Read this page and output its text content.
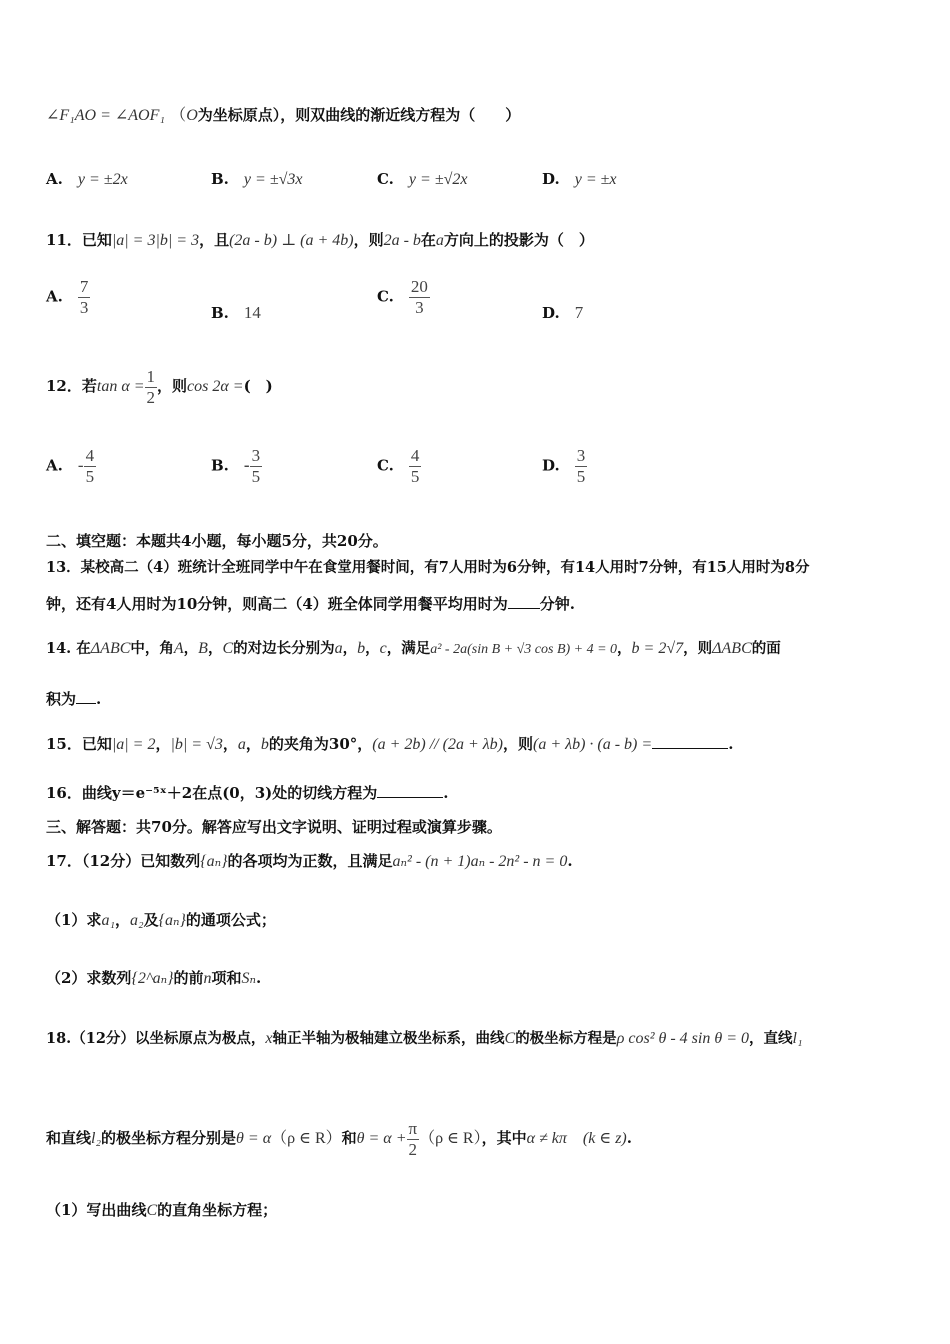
∠F₁AO = ∠AOF₁ （O为坐标原点），则双曲线的渐近线方程为（　　）
A.　 y = ±2x	B.　 y = ±√3x	C.　 y = ±√2x	D.　 y = ±x
11．已知|a| = 3|b| = 3，且(2a - b) ⊥ (a + 4b)，则2a - b在a方向上的投影为（　）
A.　 $\frac{7}{3}$	B.　 14
C.　 $\frac{20}{3}$	D.　 7
12．若$\tan \alpha = \frac{1}{2}$ ，则cos 2α =(　)
A.　 - $\frac{4}{5}$	B.　 - $\frac{3}{5}$	C.　 $\frac{4}{5}$	D.　 $\frac{3}{5}$
二、填空题：本题共4小题，每小题5分，共20分。
13．某校高二（4）班统计全班同学中午在食堂用餐时间，有7人用时为6分钟，有14人用时7分钟，有15人用时为8分
钟，还有4人用时为10分钟，则高二（4）班全体同学用餐平均用时为 分钟.
14. 在ΔABC中，角A，B，C的对边长分别为a，b，c，满足a² - 2a(sin B + √3 cos B) + 4 = 0，b = 2√7，则ΔABC的面
积为 .
15．已知|a| = 2，|b| = √3，a，b的夹角为30°，(a + 2b) // (2a + λb)，则(a + λb) · (a - b) =	.
16．曲线y＝e⁻⁵ˣ＋2在点(0，3)处的切线方程为	.
三、解答题：共70分。解答应写出文字说明、证明过程或演算步骤。
17．（12分）已知数列{aₙ}的各项均为正数，且满足aₙ² - (n + 1)aₙ - 2n² - n = 0.
（1）求a₁，a₂及{aₙ}的通项公式；
（2）求数列{2^aₙ}的前n项和Sₙ.
18.（12分）以坐标原点为极点，x轴正半轴为极轴建立极坐标系，曲线C的极坐标方程是ρ cos² θ - 4 sin θ = 0，直线l₁
和直线l₂的极坐标方程分别是θ = α（ρ ∈ R）和$\theta = \alpha + \frac{\pi}{2} (\rho$ ∈ R），其中α ≠ kπ　(k ∈ z).
（1）写出曲线C的直角坐标方程；
